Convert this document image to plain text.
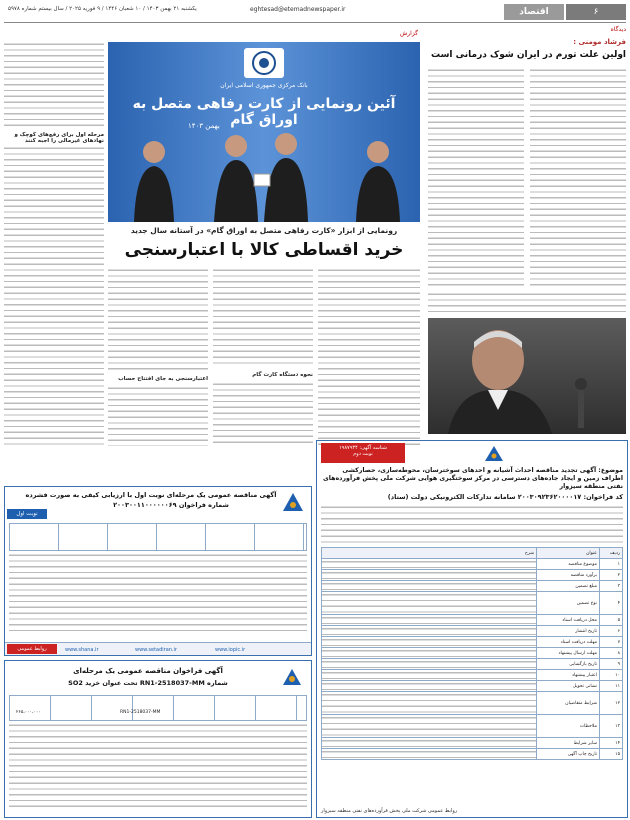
۶
اقتصاد
eghtesad@etemadnewspaper.ir
یکشنبه ۲۱ بهمن ۱۴۰۳ / ۱۰ شعبان ۱۴۴۶ / ۹ فوریه ۲۰۲۵ / سال بیستم شماره ۵۹۷۸
دیدگاه
فرشاد مومنی :
اولین علت تورم در ایران شوک درمانی است
گزارش
بانک مرکزی جمهوری اسلامی ایران
آئین رونمایی از کارت رفاهی متصل به اوراق گام
بهمن ۱۴۰۳
رونمایی از ابزار «کارت رفاهی متصل به اوراق گام» در آستانه سال جدید
خرید اقساطی کالا با اعتبارسنجی
نحوه دستگاه کارت گام
اعتبارسنجی به جای افتتاح حساب
مرحله اول برای رفع‌های کوچک و نهادهای غیرمالی را اجبه کنند
آگهی مناقصه عمومی یک مرحله‌ای نوبت اول با ارزیابی کیفی به صورت فشرده
شماره فراخوان ۲۰۰۳۰۰۱۱۰۰۰۰۰۰۶۹
نوبت اول
روابط عمومی	www.shana.ir	www.setadiran.ir	www.iopic.ir
آگهی فراخوان مناقصه عمومی یک مرحله‌ای
شماره RN1-2518037-MM تحت عنوان خرید SO2
RN1-2518037-MM
۲۶۵،۰۰۰،۰۰۰
شناسه آگهی: ۱۹۸۷۹۳۴
نوبت دوم
موضوع: آگهی تجدید مناقصه احداث آشیانه و احدهای سوخترسان، محوطه‌سازی، حصارکشی اطراف زمین و ایجاد جاده‌های دسترسی در مرکز سوختگیری هوایی شرکت ملی پخش فرآورده‌های نفتی منطقه سیزوار
کد فراخوان: ۲۰۰۳۰۹۲۳۶۲۰۰۰۰۱۷ سامانه تدارکات الکترونیکی دولت (ستاد)
ردیف	عنوان	شرح
۱	موضوع مناقصه	
۲	برآورد مناقصه	
۳	مبلغ تضمین	
۴	نوع تضمین	
۵	محل دریافت اسناد	
۶	تاریخ انتشار	
۷	مهلت دریافت اسناد	
۸	مهلت ارسال پیشنهاد	
۹	تاریخ بازگشایی	
۱۰	اعتبار پیشنهاد	
۱۱	نشانی تحویل	
۱۲	شرایط متقاضیان	
۱۳	ملاحظات	
۱۴	سایر شرایط	
۱۵	تاریخ چاپ آگهی	
روابط عمومی شرکت ملی پخش فرآورده‌های نفتی منطقه سبزوار
